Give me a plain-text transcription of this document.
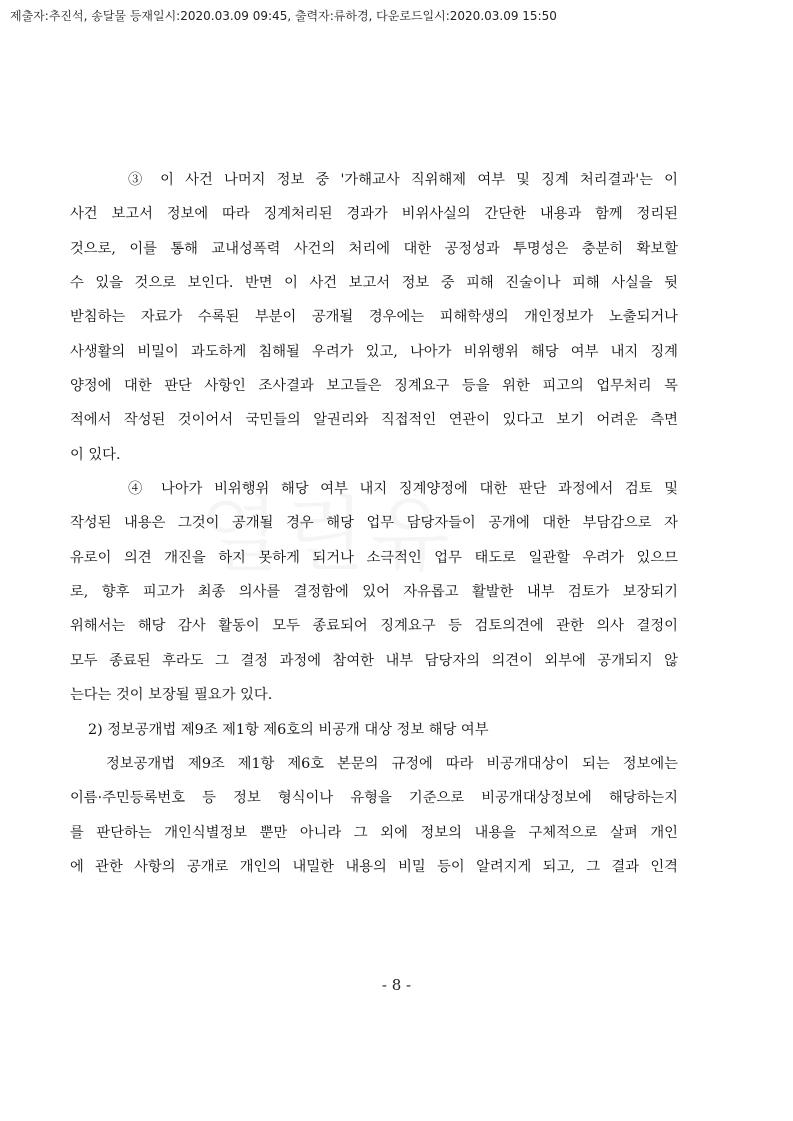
제출자:추진석, 송달물 등재일시:2020.03.09 09:45, 출력자:류하경, 다운로드일시:2020.03.09 15:50
③ 이 사건 나머지 정보 중 '가해교사 직위해제 여부 및 징계 처리결과'는 이
사건 보고서 정보에 따라 징계처리된 경과가 비위사실의 간단한 내용과 함께 정리된
것으로, 이를 통해 교내성폭력 사건의 처리에 대한 공정성과 투명성은 충분히 확보할
수 있을 것으로 보인다. 반면 이 사건 보고서 정보 중 피해 진술이나 피해 사실을 뒷
받침하는 자료가 수록된 부분이 공개될 경우에는 피해학생의 개인정보가 노출되거나
사생활의 비밀이 과도하게 침해될 우려가 있고, 나아가 비위행위 해당 여부 내지 징계
양정에 대한 판단 사항인 조사결과 보고들은 징계요구 등을 위한 피고의 업무처리 목
적에서 작성된 것이어서 국민들의 알권리와 직접적인 연관이 있다고 보기 어려운 측면
이 있다.
④ 나아가 비위행위 해당 여부 내지 징계양정에 대한 판단 과정에서 검토 및
작성된 내용은 그것이 공개될 경우 해당 업무 담당자들이 공개에 대한 부담감으로 자
유로이 의견 개진을 하지 못하게 되거나 소극적인 업무 태도로 일관할 우려가 있으므
로, 향후 피고가 최종 의사를 결정함에 있어 자유롭고 활발한 내부 검토가 보장되기
위해서는 해당 감사 활동이 모두 종료되어 징계요구 등 검토의견에 관한 의사 결정이
모두 종료된 후라도 그 결정 과정에 참여한 내부 담당자의 의견이 외부에 공개되지 않
는다는 것이 보장될 필요가 있다.
2) 정보공개법 제9조 제1항 제6호의 비공개 대상 정보 해당 여부
정보공개법 제9조 제1항 제6호 본문의 규정에 따라 비공개대상이 되는 정보에는
이름·주민등록번호 등 정보 형식이나 유형을 기준으로 비공개대상정보에 해당하는지
를 판단하는 개인식별정보 뿐만 아니라 그 외에 정보의 내용을 구체적으로 살펴 개인
에 관한 사항의 공개로 개인의 내밀한 내용의 비밀 등이 알려지게 되고, 그 결과 인격
- 8 -
